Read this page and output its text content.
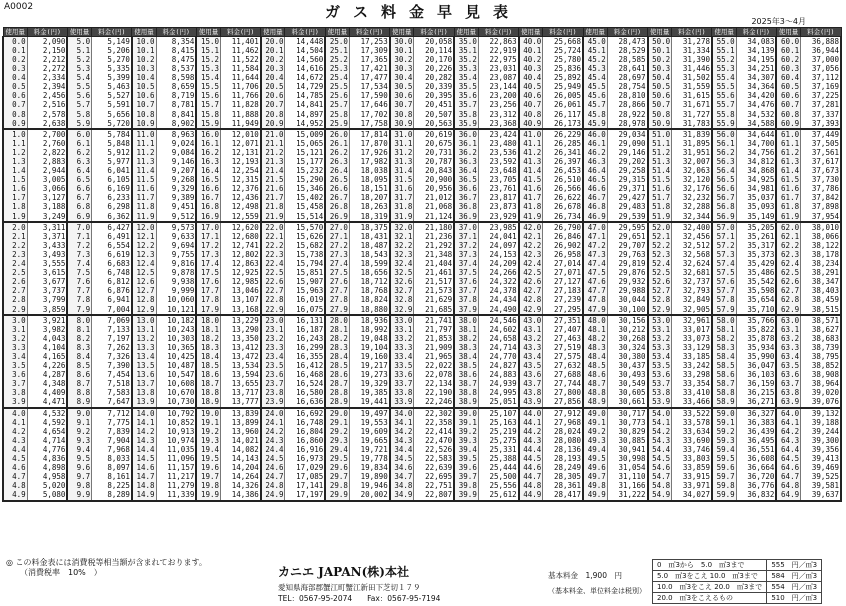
A0002	ガス料金早見表
2025年3～4月
使用量	料金(円)	使用量	料金(円)	使用量	料金(円)	使用量	料金(円)	使用量	料金(円)	使用量	料金(円)	使用量	料金(円)	使用量	料金(円)	使用量	料金(円)	使用量	料金(円)	使用量	料金(円)	使用量	料金(円)	使用量	料金(円)
0.0	2,090	5.0	5,149	10.0	8,354	15.0	11,401	20.0	14,448	25.0	17,253	30.0	20,058	35.0	22,863	40.0	25,668	45.0	28,473	50.0	31,278	55.0	34,083	60.0	36,888
0.1	2,150	5.1	5,206	10.1	8,415	15.1	11,462	20.1	14,504	25.1	17,309	30.1	20,114	35.1	22,919	40.1	25,724	45.1	28,529	50.1	31,334	55.1	34,139	60.1	36,944
0.2	2,212	5.2	5,270	10.2	8,475	15.2	11,522	20.2	14,560	25.2	17,365	30.2	20,170	35.2	22,975	40.2	25,780	45.2	28,585	50.2	31,390	55.2	34,195	60.2	37,000
0.3	2,272	5.3	5,335	10.3	8,537	15.3	11,584	20.3	14,616	25.3	17,421	30.3	20,226	35.3	23,031	40.3	25,836	45.3	28,641	50.3	31,446	55.3	34,251	60.3	37,056
0.4	2,334	5.4	5,399	10.4	8,598	15.4	11,644	20.4	14,672	25.4	17,477	30.4	20,282	35.4	23,087	40.4	25,892	45.4	28,697	50.4	31,502	55.4	34,307	60.4	37,112
0.5	2,394	5.5	5,463	10.5	8,659	15.5	11,706	20.5	14,729	25.5	17,534	30.5	20,339	35.5	23,144	40.5	25,949	45.5	28,754	50.5	31,559	55.5	34,364	60.5	37,169
0.6	2,456	5.6	5,527	10.6	8,719	15.6	11,766	20.6	14,785	25.6	17,590	30.6	20,395	35.6	23,200	40.6	26,005	45.6	28,810	50.6	31,615	55.6	34,420	60.6	37,225
0.7	2,516	5.7	5,591	10.7	8,781	15.7	11,828	20.7	14,841	25.7	17,646	30.7	20,451	35.7	23,256	40.7	26,061	45.7	28,866	50.7	31,671	55.7	34,476	60.7	37,281
0.8	2,578	5.8	5,656	10.8	8,841	15.8	11,888	20.8	14,897	25.8	17,702	30.8	20,507	35.8	23,312	40.8	26,117	45.8	28,922	50.8	31,727	55.8	34,532	60.8	37,337
0.9	2,638	5.9	5,720	10.9	8,902	15.9	11,949	20.9	14,952	25.9	17,758	30.9	20,563	35.9	23,368	40.9	26,173	45.9	28,978	50.9	31,783	55.9	34,588	60.9	37,393
1.0	2,700	6.0	5,784	11.0	8,963	16.0	12,010	21.0	15,009	26.0	17,814	31.0	20,619	36.0	23,424	41.0	26,229	46.0	29,034	51.0	31,839	56.0	34,644	61.0	37,449
1.1	2,760	6.1	5,848	11.1	9,024	16.1	12,071	21.1	15,065	26.1	17,870	31.1	20,675	36.1	23,480	41.1	26,285	46.1	29,090	51.1	31,895	56.1	34,700	61.1	37,505
1.2	2,822	6.2	5,912	11.2	9,084	16.2	12,131	21.2	15,121	26.2	17,926	31.2	20,731	36.2	23,536	41.2	26,341	46.2	29,146	51.2	31,951	56.2	34,756	61.2	37,561
1.3	2,883	6.3	5,977	11.3	9,146	16.3	12,193	21.3	15,177	26.3	17,982	31.3	20,787	36.3	23,592	41.3	26,397	46.3	29,202	51.3	32,007	56.3	34,812	61.3	37,617
1.4	2,944	6.4	6,041	11.4	9,207	16.4	12,254	21.4	15,232	26.4	18,038	31.4	20,843	36.4	23,648	41.4	26,453	46.4	29,258	51.4	32,063	56.4	34,868	61.4	37,673
1.5	3,005	6.5	6,105	11.5	9,268	16.5	12,315	21.5	15,290	26.5	18,095	31.5	20,900	36.5	23,705	41.5	26,510	46.5	29,315	51.5	32,120	56.5	34,925	61.5	37,730
1.6	3,066	6.6	6,169	11.6	9,329	16.6	12,376	21.6	15,346	26.6	18,151	31.6	20,956	36.6	23,761	41.6	26,566	46.6	29,371	51.6	32,176	56.6	34,981	61.6	37,786
1.7	3,127	6.7	6,233	11.7	9,389	16.7	12,436	21.7	15,402	26.7	18,207	31.7	21,012	36.7	23,817	41.7	26,622	46.7	29,427	51.7	32,232	56.7	35,037	61.7	37,842
1.8	3,188	6.8	6,298	11.8	9,451	16.8	12,498	21.8	15,458	26.8	18,263	31.8	21,068	36.8	23,873	41.8	26,678	46.8	29,483	51.8	32,288	56.8	35,093	61.8	37,898
1.9	3,249	6.9	6,362	11.9	9,512	16.9	12,559	21.9	15,514	26.9	18,319	31.9	21,124	36.9	23,929	41.9	26,734	46.9	29,539	51.9	32,344	56.9	35,149	61.9	37,954
2.0	3,311	7.0	6,427	12.0	9,573	17.0	12,620	22.0	15,570	27.0	18,375	32.0	21,180	37.0	23,985	42.0	26,790	47.0	29,595	52.0	32,400	57.0	35,205	62.0	38,010
2.1	3,371	7.1	6,491	12.1	9,633	17.1	12,680	22.1	15,626	27.1	18,431	32.1	21,236	37.1	24,041	42.1	26,846	47.1	29,651	52.1	32,456	57.1	35,261	62.1	38,066
2.2	3,433	7.2	6,554	12.2	9,694	17.2	12,741	22.2	15,682	27.2	18,487	32.2	21,292	37.2	24,097	42.2	26,902	47.2	29,707	52.2	32,512	57.2	35,317	62.2	38,122
2.3	3,493	7.3	6,619	12.3	9,755	17.3	12,802	22.3	15,738	27.3	18,543	32.3	21,348	37.3	24,153	42.3	26,958	47.3	29,763	52.3	32,568	57.3	35,373	62.3	38,178
2.4	3,555	7.4	6,683	12.4	9,816	17.4	12,863	22.4	15,794	27.4	18,599	32.4	21,404	37.4	24,209	42.4	27,014	47.4	29,819	52.4	32,624	57.4	35,429	62.4	38,234
2.5	3,615	7.5	6,748	12.5	9,878	17.5	12,925	22.5	15,851	27.5	18,656	32.5	21,461	37.5	24,266	42.5	27,071	47.5	29,876	52.5	32,681	57.5	35,486	62.5	38,291
2.6	3,677	7.6	6,812	12.6	9,938	17.6	12,985	22.6	15,907	27.6	18,712	32.6	21,517	37.6	24,322	42.6	27,127	47.6	29,932	52.6	32,737	57.6	35,542	62.6	38,347
2.7	3,737	7.7	6,876	12.7	9,999	17.7	13,046	22.7	15,963	27.7	18,768	32.7	21,573	37.7	24,378	42.7	27,183	47.7	29,988	52.7	32,793	57.7	35,598	62.7	38,403
2.8	3,799	7.8	6,941	12.8	10,060	17.8	13,107	22.8	16,019	27.8	18,824	32.8	21,629	37.8	24,434	42.8	27,239	47.8	30,044	52.8	32,849	57.8	35,654	62.8	38,459
2.9	3,859	7.9	7,004	12.9	10,121	17.9	13,168	22.9	16,075	27.9	18,880	32.9	21,685	37.9	24,490	42.9	27,295	47.9	30,100	52.9	32,905	57.9	35,710	62.9	38,515
3.0	3,921	8.0	7,069	13.0	10,182	18.0	13,229	23.0	16,131	28.0	18,936	33.0	21,741	38.0	24,546	43.0	27,351	48.0	30,156	53.0	32,961	58.0	35,766	63.0	38,571
3.1	3,982	8.1	7,133	13.1	10,243	18.1	13,290	23.1	16,187	28.1	18,992	33.1	21,797	38.1	24,602	43.1	27,407	48.1	30,212	53.1	33,017	58.1	35,822	63.1	38,627
3.2	4,043	8.2	7,197	13.2	10,303	18.2	13,350	23.2	16,243	28.2	19,048	33.2	21,853	38.2	24,658	43.2	27,463	48.2	30,268	53.2	33,073	58.2	35,878	63.2	38,683
3.3	4,104	8.3	7,262	13.3	10,365	18.3	13,412	23.3	16,299	28.3	19,104	33.3	21,909	38.3	24,714	43.3	27,519	48.3	30,324	53.3	33,129	58.3	35,934	63.3	38,739
3.4	4,165	8.4	7,326	13.4	10,425	18.4	13,472	23.4	16,355	28.4	19,160	33.4	21,965	38.4	24,770	43.4	27,575	48.4	30,380	53.4	33,185	58.4	35,990	63.4	38,795
3.5	4,226	8.5	7,390	13.5	10,487	18.5	13,534	23.5	16,412	28.5	19,217	33.5	22,022	38.5	24,827	43.5	27,632	48.5	30,437	53.5	33,242	58.5	36,047	63.5	38,852
3.6	4,287	8.6	7,454	13.6	10,547	18.6	13,594	23.6	16,468	28.6	19,273	33.6	22,078	38.6	24,883	43.6	27,688	48.6	30,493	53.6	33,298	58.6	36,103	63.6	38,908
3.7	4,348	8.7	7,518	13.7	10,608	18.7	13,655	23.7	16,524	28.7	19,329	33.7	22,134	38.7	24,939	43.7	27,744	48.7	30,549	53.7	33,354	58.7	36,159	63.7	38,964
3.8	4,409	8.8	7,583	13.8	10,670	18.8	13,717	23.8	16,580	28.8	19,385	33.8	22,190	38.8	24,995	43.8	27,800	48.8	30,605	53.8	33,410	58.8	36,215	63.8	39,020
3.9	4,471	8.9	7,647	13.9	10,730	18.9	13,777	23.9	16,636	28.9	19,441	33.9	22,246	38.9	25,051	43.9	27,856	48.9	30,661	53.9	33,466	58.9	36,271	63.9	39,076
4.0	4,532	9.0	7,712	14.0	10,792	19.0	13,839	24.0	16,692	29.0	19,497	34.0	22,302	39.0	25,107	44.0	27,912	49.0	30,717	54.0	33,522	59.0	36,327	64.0	39,132
4.1	4,592	9.1	7,775	14.1	10,852	19.1	13,899	24.1	16,748	29.1	19,553	34.1	22,358	39.1	25,163	44.1	27,968	49.1	30,773	54.1	33,578	59.1	36,383	64.1	39,188
4.2	4,654	9.2	7,839	14.2	10,913	19.2	13,960	24.2	16,804	29.2	19,609	34.2	22,414	39.2	25,219	44.2	28,024	49.2	30,829	54.2	33,634	59.2	36,439	64.2	39,244
4.3	4,714	9.3	7,904	14.3	10,974	19.3	14,021	24.3	16,860	29.3	19,665	34.3	22,470	39.3	25,275	44.3	28,080	49.3	30,885	54.3	33,690	59.3	36,495	64.3	39,300
4.4	4,776	9.4	7,968	14.4	11,035	19.4	14,082	24.4	16,916	29.4	19,721	34.4	22,526	39.4	25,331	44.4	28,136	49.4	30,941	54.4	33,746	59.4	36,551	64.4	39,356
4.5	4,836	9.5	8,033	14.5	11,096	19.5	14,143	24.5	16,973	29.5	19,778	34.5	22,583	39.5	25,388	44.5	28,193	49.5	30,998	54.5	33,803	59.5	36,608	64.5	39,413
4.6	4,898	9.6	8,097	14.6	11,157	19.6	14,204	24.6	17,029	29.6	19,834	34.6	22,639	39.6	25,444	44.6	28,249	49.6	31,054	54.6	33,859	59.6	36,664	64.6	39,469
4.7	4,958	9.7	8,161	14.7	11,217	19.7	14,264	24.7	17,085	29.7	19,890	34.7	22,695	39.7	25,500	44.7	28,305	49.7	31,110	54.7	33,915	59.7	36,720	64.7	39,525
4.8	5,020	9.8	8,225	14.8	11,279	19.8	14,326	24.8	17,141	29.8	19,946	34.8	22,751	39.8	25,556	44.8	28,361	49.8	31,166	54.8	33,971	59.8	36,776	64.8	39,581
4.9	5,080	9.9	8,289	14.9	11,339	19.9	14,386	24.9	17,197	29.9	20,002	34.9	22,807	39.9	25,612	44.9	28,417	49.9	31,222	54.9	34,027	59.9	36,832	64.9	39,637
◎ この料金表には消費税等相当額が含まれております。
（消費税率　10%　）	カニエ JAPAN(株)本社
愛知県海部郡蟹江町蟹江新田下芝切１７９
TEL：0567-95-2074　　Fax：0567-95-7194
基本料金　1,900　円
（基本料金、単位料金は税別）
0　㎥3から　5.0　㎥3まで	555　円／㎥3
5.0　㎥3をこえ 10.0　㎥3まで	584　円／㎥3
10.0　㎥3をこえ 20.0　㎥3まで	554　円／㎥3
20.0　㎥3をこえるもの	510　円／㎥3
